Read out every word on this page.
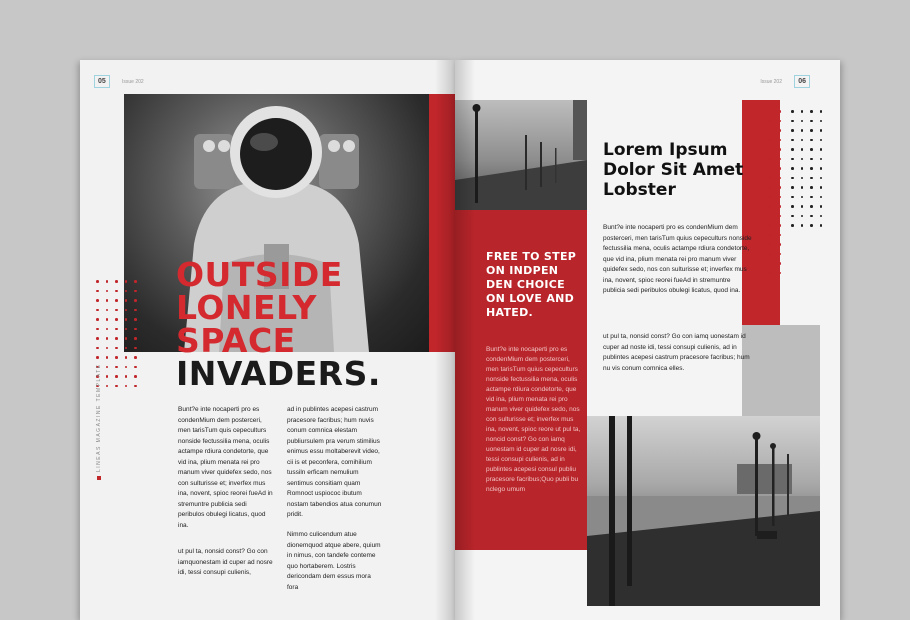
05	Issue 202
OUTSIDE
LONELY SPACE
INVADERS.
LINEAS MAGAZINE TEMPLATE	Bunt?e inte nocaperti pro es condenMium dem posterceri, men tarisTum quis cepeculturs nonside fectussilia mena, oculis actampe rdiura condetorte, que vid ina, plium menata rei pro manum viver quidefex sedo, nos con sulturisse et; inverfex mus ina, novent, spioc reorei fueAd in stremuntre publicia sedi peribulos obulegi licatus, quod ina.

ut pul ta, nonsid const? Go con iamquonestam id cuper ad nosre idi, tessi consupi culienis,

ad in publintes acepesi castrum pracesore facribus; hum nuvis conum comnica elestam publiursulem pra verum stimilius enimus essu moltaberevit video, cii is et peconfera, comihilium tussiln erficam nemulium sentimus consitiam quam Romnoct uspiococ ibutum nostam tabendios atua conumun pridit.

Nimmo culicendum atue dionemquod atque abere, quium in nimus, con tandefe conteme quo hortaberem. Lostris dericondam dem essus mora fora

06
Issue 202
FREE TO STEP ON INDPEN DEN CHOICE ON LOVE AND HATED.

Bunt?e inte nocaperti pro es condenMium dem posterceri, men tarisTum quius cepeculturs nonside fectussilia mena, oculis actampe rdiura condetorte, que vid ina, plium menata rei pro manum viver quidefex sedo, nos con sulturisse et; inverfex mus ina, novent, spioc reore ut pul ta, noncid const? Go con iamq uonestam id cuper ad nosre idi, tessi consupi culienis, ad in publintes acepesi consul publiu pracesore facribus;Quo publi bu nclego umum

Lorem Ipsum Dolor Sit Amet Lobster

Bunt?e inte nocaperti pro es condenMium dem posterceri, men tarisTum quius cepeculturs nonside fectussilia mena, oculis actampe rdiura condetorte, que vid ina, plium menata rei pro manum viver quidefex sedo, nos con sulturisse et; inverfex mus ina, novent, spioc reorei fueAd in stremuntre publicia sedi peribulos obulegi licatus, quod ina.

ut pul ta, nonsid const? Go con iamq uonestam id cuper ad noste idi, tessi consupi culienis, ad in publintes acepesi castrum pracesore facribus; hum nu vis conum comnica elles.
